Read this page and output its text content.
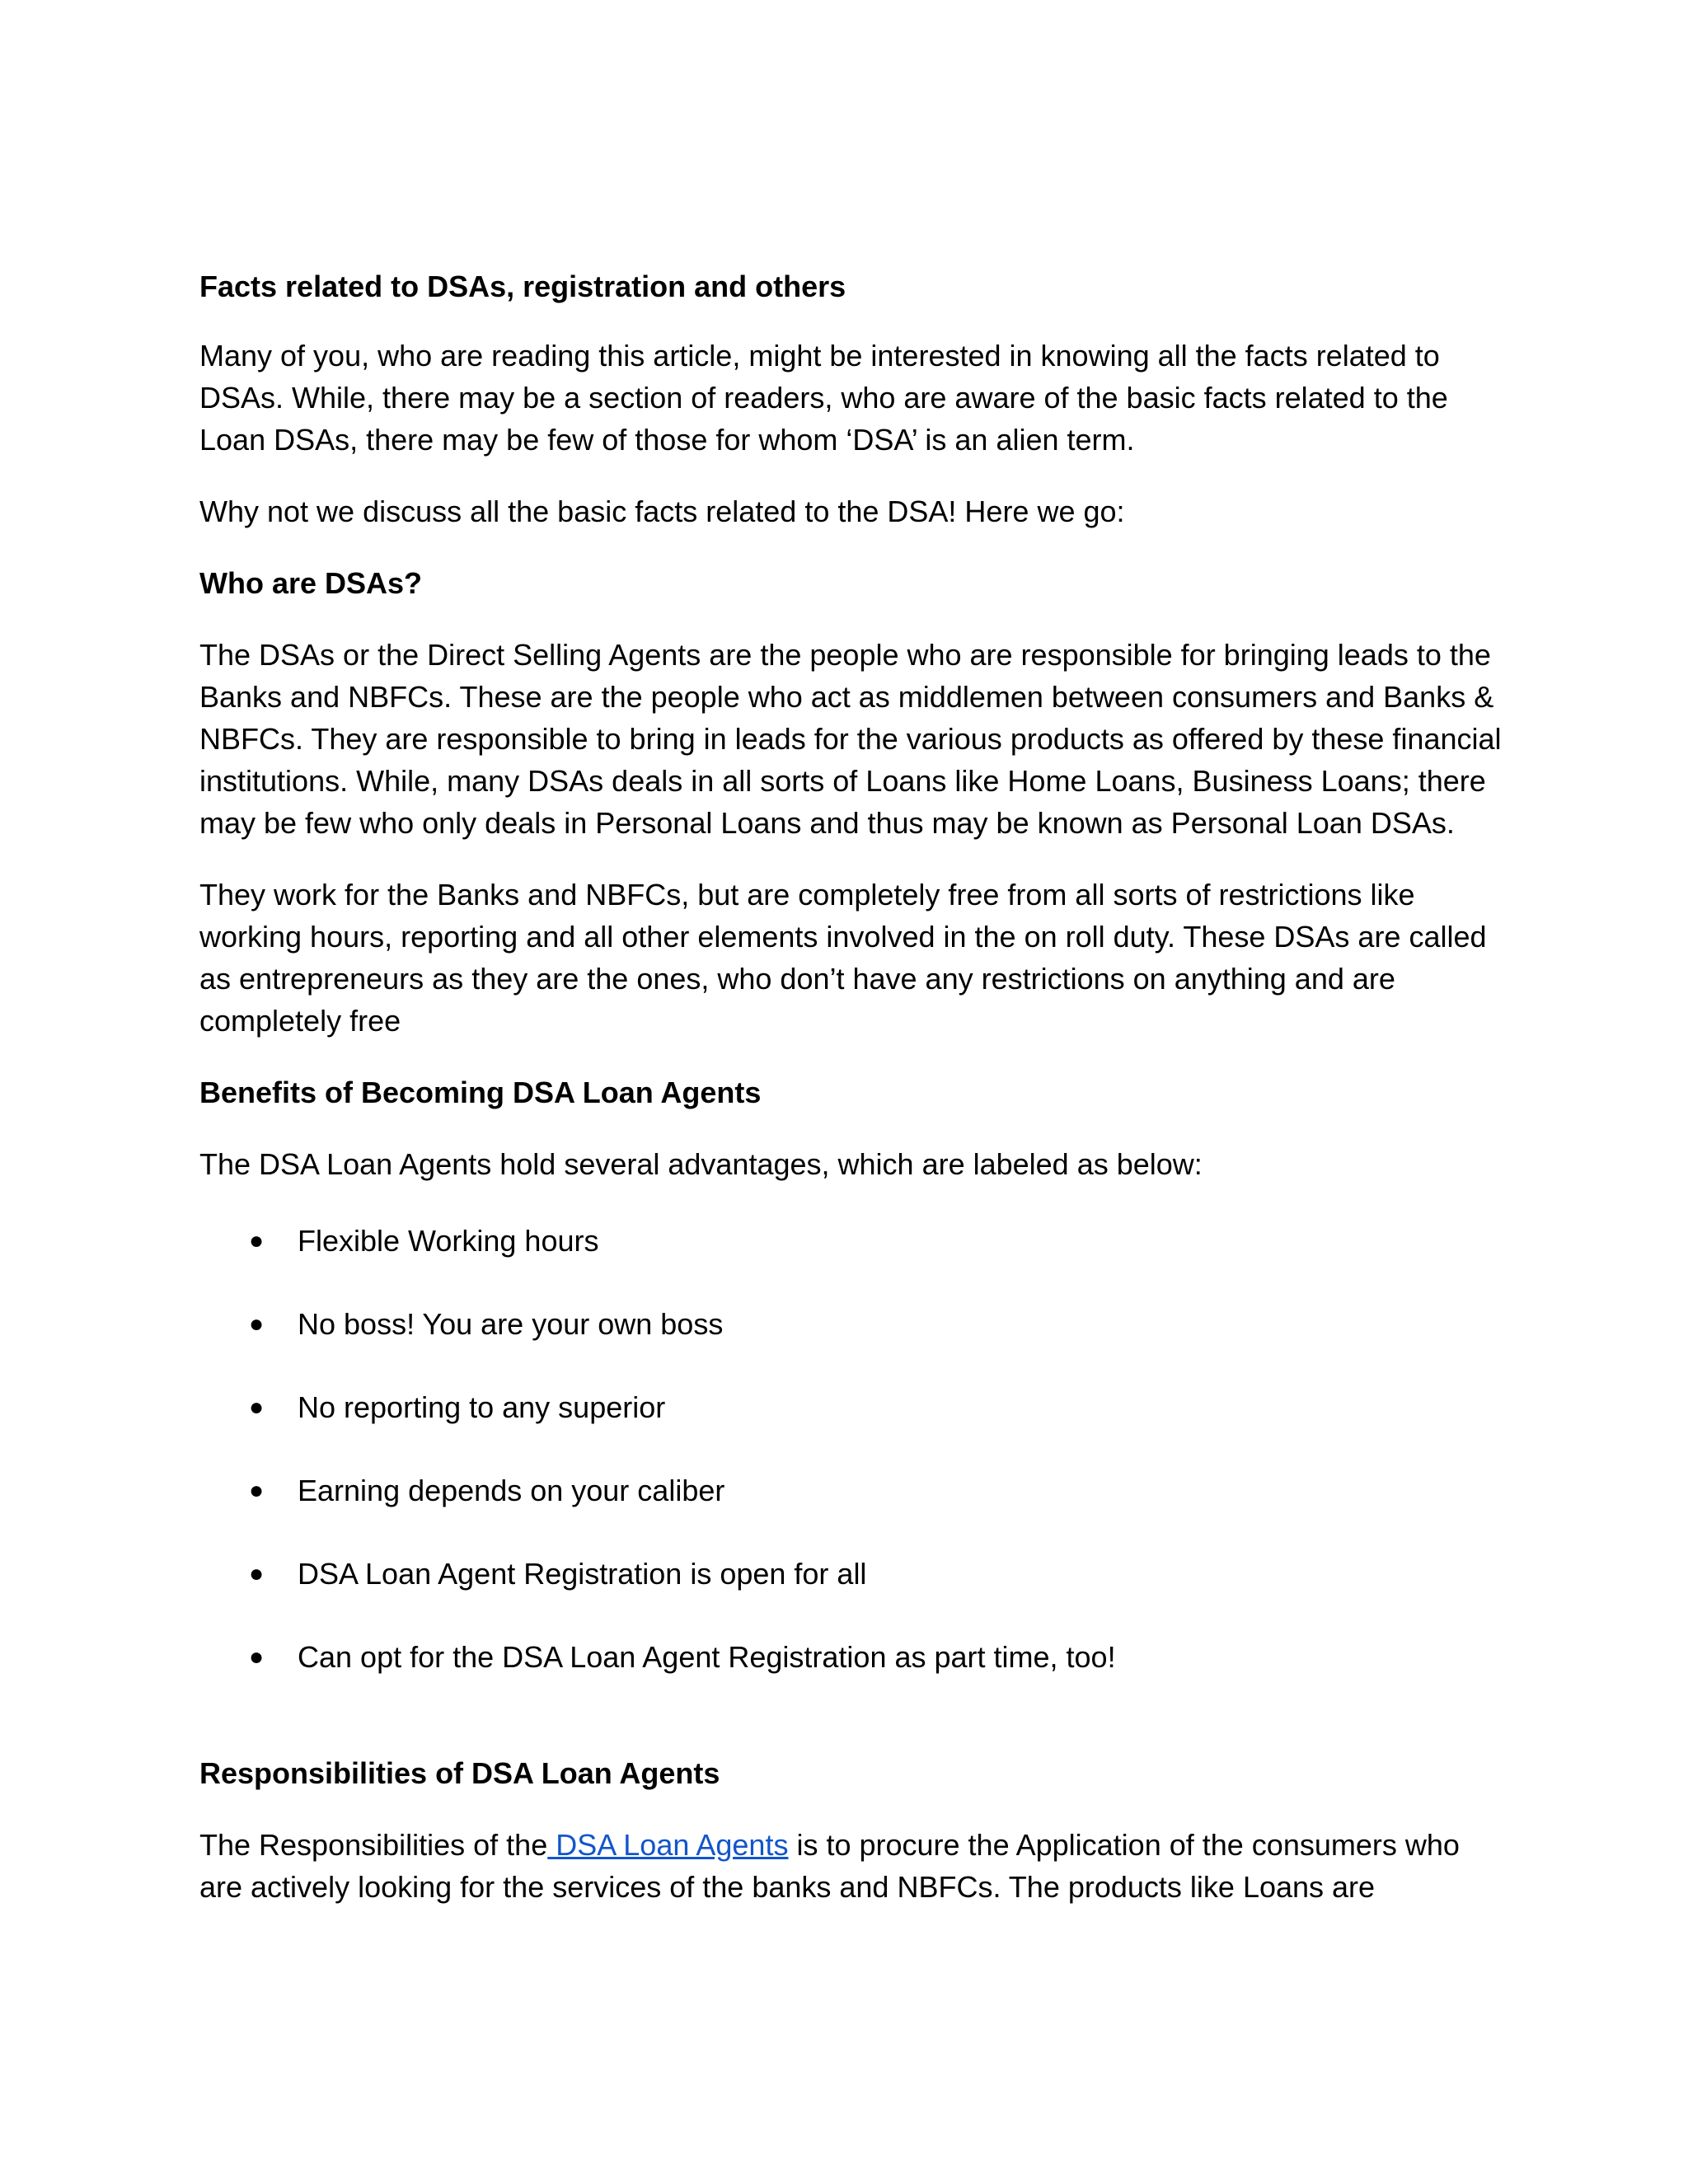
Facts related to DSAs, registration and others

Many of you, who are reading this article, might be interested in knowing all the facts related to DSAs. While, there may be a section of readers, who are aware of the basic facts related to the Loan DSAs, there may be few of those for whom ‘DSA’ is an alien term.

Why not we discuss all the basic facts related to the DSA! Here we go:

Who are DSAs?

The DSAs or the Direct Selling Agents are the people who are responsible for bringing leads to the Banks and NBFCs. These are the people who act as middlemen between consumers and Banks & NBFCs. They are responsible to bring in leads for the various products as offered by these financial institutions. While, many DSAs deals in all sorts of Loans like Home Loans, Business Loans; there may be few who only deals in Personal Loans and thus may be known as Personal Loan DSAs.

They work for the Banks and NBFCs, but are completely free from all sorts of restrictions like working hours, reporting and all other elements involved in the on roll duty. These DSAs are called as entrepreneurs as they are the ones, who don’t have any restrictions on anything and are completely free

Benefits of Becoming DSA Loan Agents

The DSA Loan Agents hold several advantages, which are labeled as below:

● Flexible Working hours
● No boss! You are your own boss
● No reporting to any superior
● Earning depends on your caliber
● DSA Loan Agent Registration is open for all
● Can opt for the DSA Loan Agent Registration as part time, too!

Responsibilities of DSA Loan Agents

The Responsibilities of the DSA Loan Agents is to procure the Application of the consumers who are actively looking for the services of the banks and NBFCs. The products like Loans are
